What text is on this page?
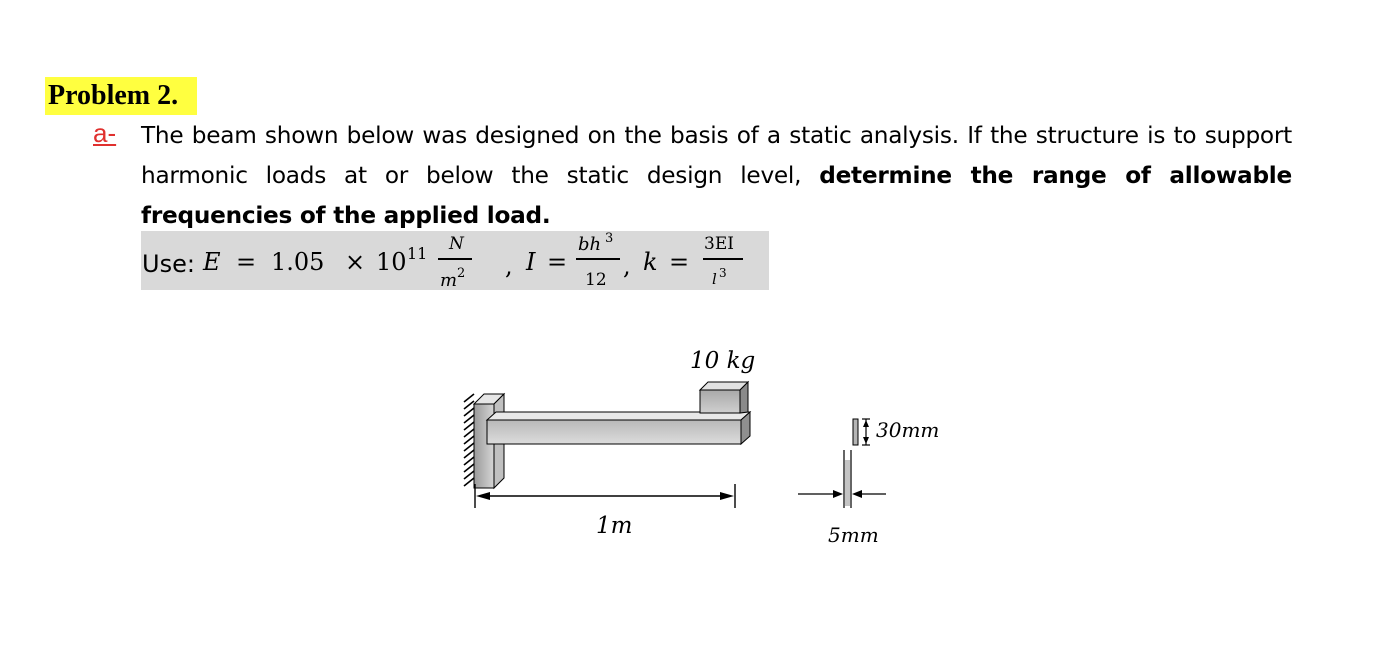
Problem 2.
a- The beam shown below was designed on the basis of a static analysis. If the structure is to support harmonic loads at or below the static design level, determine the range of allowable frequencies of the applied load.
Use: E = 1.05 × 10 11 N
m 2 , I =
bh 3
12 , k =
3EI
l 3
10 kg
1m
30mm
5mm
